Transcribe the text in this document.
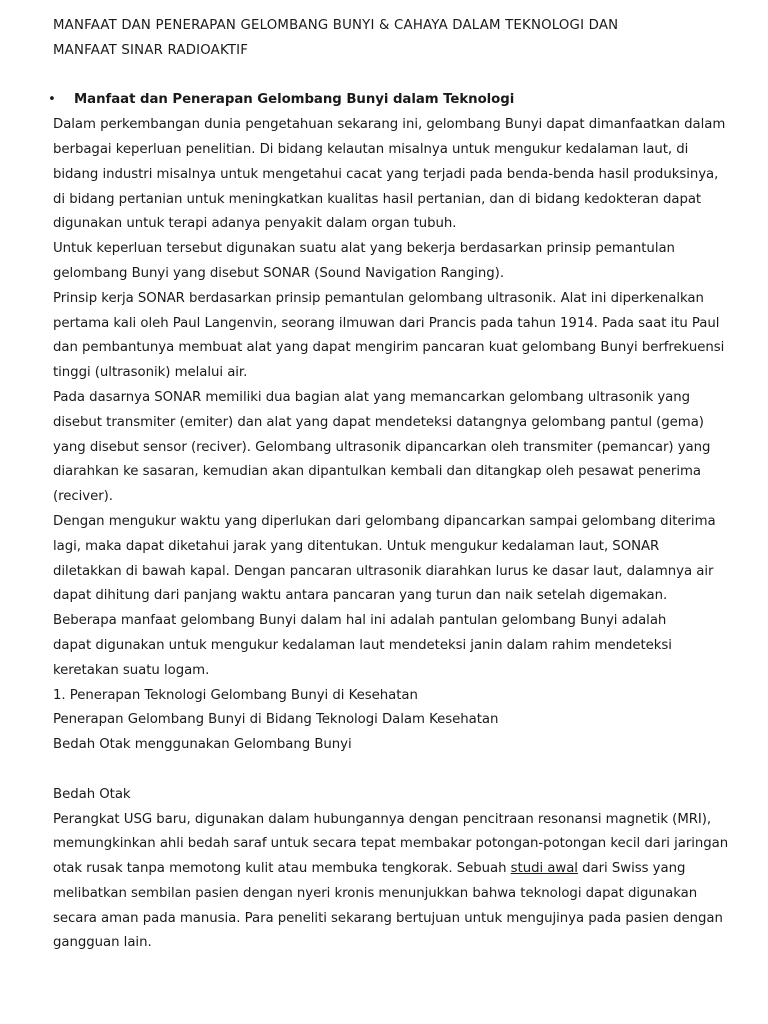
MANFAAT DAN PENERAPAN GELOMBANG BUNYI & CAHAYA DALAM TEKNOLOGI DAN
MANFAAT SINAR RADIOAKTIF
• Manfaat dan Penerapan Gelombang Bunyi dalam Teknologi
Dalam perkembangan dunia pengetahuan sekarang ini, gelombang Bunyi dapat dimanfaatkan dalam
berbagai keperluan penelitian. Di bidang kelautan misalnya untuk mengukur kedalaman laut, di
bidang industri misalnya untuk mengetahui cacat yang terjadi pada benda-benda hasil produksinya,
di bidang pertanian untuk meningkatkan kualitas hasil pertanian, dan di bidang kedokteran dapat
digunakan untuk terapi adanya penyakit dalam organ tubuh.
Untuk keperluan tersebut digunakan suatu alat yang bekerja berdasarkan prinsip pemantulan
gelombang Bunyi yang disebut SONAR (Sound Navigation Ranging).
Prinsip kerja SONAR berdasarkan prinsip pemantulan gelombang ultrasonik. Alat ini diperkenalkan
pertama kali oleh Paul Langenvin, seorang ilmuwan dari Prancis pada tahun 1914. Pada saat itu Paul
dan pembantunya membuat alat yang dapat mengirim pancaran kuat gelombang Bunyi berfrekuensi
tinggi (ultrasonik) melalui air.
Pada dasarnya SONAR memiliki dua bagian alat yang memancarkan gelombang ultrasonik yang
disebut transmiter (emiter) dan alat yang dapat mendeteksi datangnya gelombang pantul (gema)
yang disebut sensor (reciver). Gelombang ultrasonik dipancarkan oleh transmiter (pemancar) yang
diarahkan ke sasaran, kemudian akan dipantulkan kembali dan ditangkap oleh pesawat penerima
(reciver).
Dengan mengukur waktu yang diperlukan dari gelombang dipancarkan sampai gelombang diterima
lagi, maka dapat diketahui jarak yang ditentukan. Untuk mengukur kedalaman laut, SONAR
diletakkan di bawah kapal. Dengan pancaran ultrasonik diarahkan lurus ke dasar laut, dalamnya air
dapat dihitung dari panjang waktu antara pancaran yang turun dan naik setelah digemakan.
Beberapa manfaat gelombang Bunyi dalam hal ini adalah pantulan gelombang Bunyi adalah
dapat digunakan untuk mengukur kedalaman laut mendeteksi janin dalam rahim mendeteksi
keretakan suatu logam.
1. Penerapan Teknologi Gelombang Bunyi di Kesehatan
Penerapan Gelombang Bunyi di Bidang Teknologi Dalam Kesehatan
Bedah Otak menggunakan Gelombang Bunyi
Bedah Otak
Perangkat USG baru, digunakan dalam hubungannya dengan pencitraan resonansi magnetik (MRI),
memungkinkan ahli bedah saraf untuk secara tepat membakar potongan-potongan kecil dari jaringan
otak rusak tanpa memotong kulit atau membuka tengkorak. Sebuah studi awal dari Swiss yang
melibatkan sembilan pasien dengan nyeri kronis menunjukkan bahwa teknologi dapat digunakan
secara aman pada manusia. Para peneliti sekarang bertujuan untuk mengujinya pada pasien dengan
gangguan lain.
